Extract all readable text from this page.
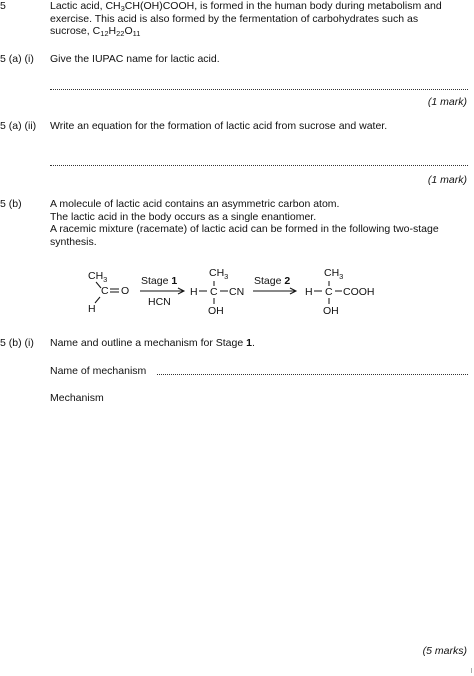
5	Lactic acid, $CH_3CH(OH)COOH$, is formed in the human body during metabolism and
exercise. This acid is also formed by the fermentation of carbohydrates such as
sucrose, $C_{12}H_{22}O_{11}$
5 (a) (i) Give the IUPAC name for lactic acid.
(1 mark)
5 (a) (ii) Write an equation for the formation of lactic acid from sucrose and water.
(1 mark)
5 (b)	A molecule of lactic acid contains an asymmetric carbon atom.
The lactic acid in the body occurs as a single enantiomer.
A racemic mixture (racemate) of lactic acid can be formed in the following two-stage
synthesis.
$CH_3$
C O
H
Stage 1
HCN
$CH_3$
H C CN
OH
Stage 2
$CH_3$
H C COOH
OH
5 (b) (i) Name and outline a mechanism for Stage 1.
Name of mechanism
Mechanism
(5 marks)
